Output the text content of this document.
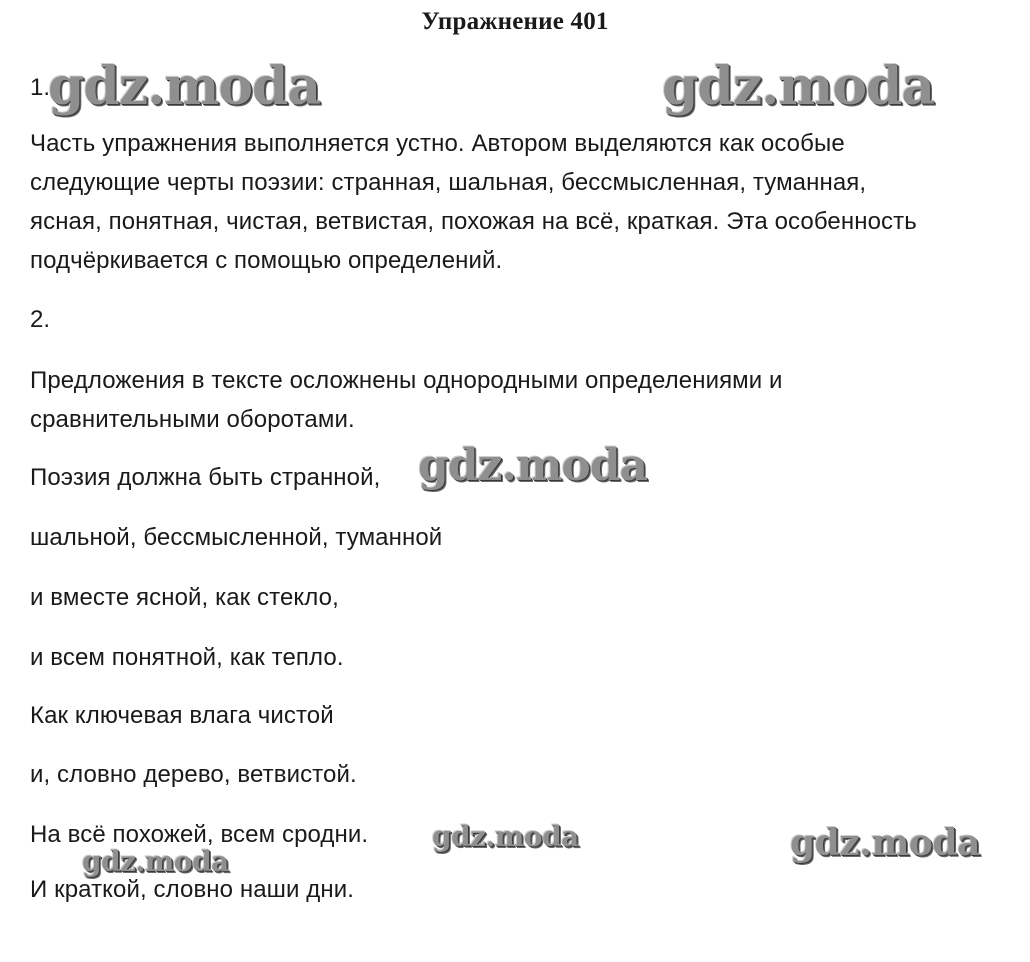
Упражнение 401
1.
Часть упражнения выполняется устно. Автором выделяются как особые
следующие черты поэзии: странная, шальная, бессмысленная, туманная,
ясная, понятная, чистая, ветвистая, похожая на всё, краткая. Эта особенность
подчёркивается с помощью определений.
2.
Предложения в тексте осложнены однородными определениями и
сравнительными оборотами.
Поэзия должна быть странной,
шальной, бессмысленной, туманной
и вместе ясной, как стекло,
и всем понятной, как тепло.
Как ключевая влага чистой
и, словно дерево, ветвистой.
На всё похожей, всем сродни.
И краткой, словно наши дни.
gdz.moda	gdz.moda
gdz.moda
gdz.moda
gdz.moda	gdz.moda
